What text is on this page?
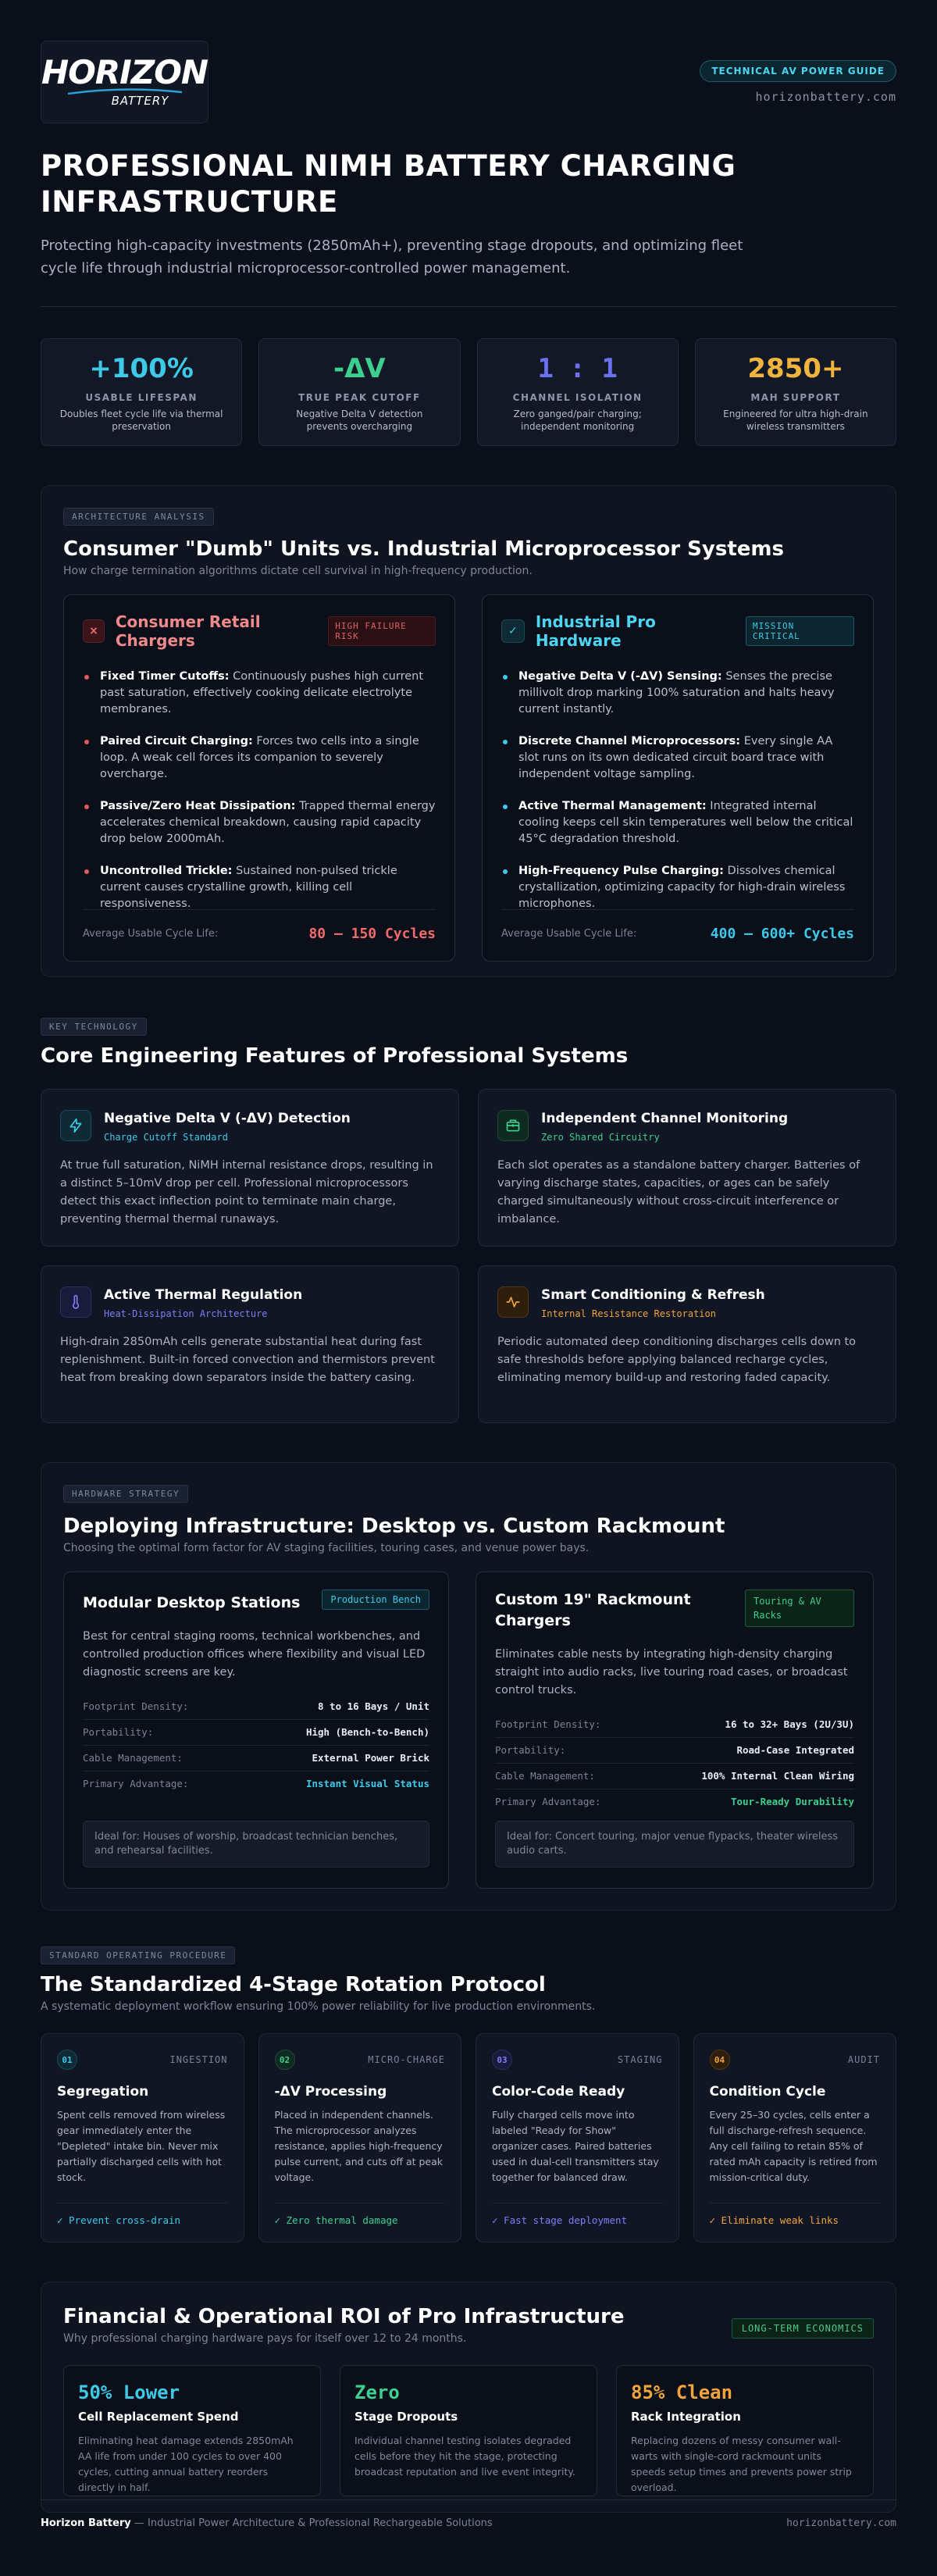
HORIZON
BATTERY
TECHNICAL AV POWER GUIDE
horizonbattery.com
PROFESSIONAL NIMH BATTERY CHARGING INFRASTRUCTURE

Protecting high-capacity investments (2850mAh+), preventing stage dropouts, and optimizing fleet cycle life through industrial microprocessor-controlled power management.

+100%
USABLE LIFESPAN
Doubles fleet cycle life via thermal preservation
-ΔV
TRUE PEAK CUTOFF
Negative Delta V detection prevents overcharging
1 : 1
CHANNEL ISOLATION
Zero ganged/pair charging; independent monitoring
2850+
MAH SUPPORT
Engineered for ultra high-drain wireless transmitters
ARCHITECTURE ANALYSIS
Consumer "Dumb" Units vs. Industrial Microprocessor Systems
How charge termination algorithms dictate cell survival in high-frequency production.
×	Consumer Retail Chargers
HIGH FAILURE RISK
Fixed Timer Cutoffs: Continuously pushes high current past saturation, effectively cooking delicate electrolyte membranes.
Paired Circuit Charging: Forces two cells into a single loop. A weak cell forces its companion to severely overcharge.
Passive/Zero Heat Dissipation: Trapped thermal energy accelerates chemical breakdown, causing rapid capacity drop below 2000mAh.
Uncontrolled Trickle: Sustained non-pulsed trickle current causes crystalline growth, killing cell responsiveness.
Average Usable Cycle Life:	80 – 150 Cycles
✓	Industrial Pro Hardware
MISSION CRITICAL
Negative Delta V (-ΔV) Sensing: Senses the precise millivolt drop marking 100% saturation and halts heavy current instantly.
Discrete Channel Microprocessors: Every single AA slot runs on its own dedicated circuit board trace with independent voltage sampling.
Active Thermal Management: Integrated internal cooling keeps cell skin temperatures well below the critical 45°C degradation threshold.
High-Frequency Pulse Charging: Dissolves chemical crystallization, optimizing capacity for high-drain wireless microphones.
Average Usable Cycle Life:	400 – 600+ Cycles
KEY TECHNOLOGY
Core Engineering Features of Professional Systems
Negative Delta V (-ΔV) Detection
Charge Cutoff Standard
At true full saturation, NiMH internal resistance drops, resulting in a distinct 5–10mV drop per cell. Professional microprocessors detect this exact inflection point to terminate main charge, preventing thermal thermal runaways.
Independent Channel Monitoring
Zero Shared Circuitry
Each slot operates as a standalone battery charger. Batteries of varying discharge states, capacities, or ages can be safely charged simultaneously without cross-circuit interference or imbalance.
Active Thermal Regulation
Heat-Dissipation Architecture
High-drain 2850mAh cells generate substantial heat during fast replenishment. Built-in forced convection and thermistors prevent heat from breaking down separators inside the battery casing.
Smart Conditioning & Refresh
Internal Resistance Restoration
Periodic automated deep conditioning discharges cells down to safe thresholds before applying balanced recharge cycles, eliminating memory build-up and restoring faded capacity.
HARDWARE STRATEGY
Deploying Infrastructure: Desktop vs. Custom Rackmount
Choosing the optimal form factor for AV staging facilities, touring cases, and venue power bays.
Modular Desktop Stations	Production Bench
Best for central staging rooms, technical workbenches, and controlled production offices where flexibility and visual LED diagnostic screens are key.
Footprint Density:	8 to 16 Bays / Unit
Portability:	High (Bench-to-Bench)
Cable Management:	External Power Brick
Primary Advantage:	Instant Visual Status
Ideal for: Houses of worship, broadcast technician benches, and rehearsal facilities.
Custom 19" Rackmount Chargers
Touring & AV Racks
Eliminates cable nests by integrating high-density charging straight into audio racks, live touring road cases, or broadcast control trucks.
Footprint Density:	16 to 32+ Bays (2U/3U)
Portability:	Road-Case Integrated
Cable Management:	100% Internal Clean Wiring
Primary Advantage:	Tour-Ready Durability
Ideal for: Concert touring, major venue flypacks, theater wireless audio carts.
STANDARD OPERATING PROCEDURE
The Standardized 4-Stage Rotation Protocol
A systematic deployment workflow ensuring 100% power reliability for live production environments.
01	INGESTION
Segregation
Spent cells removed from wireless gear immediately enter the "Depleted" intake bin. Never mix partially discharged cells with hot stock.
✓ Prevent cross-drain
02	MICRO-CHARGE
-ΔV Processing
Placed in independent channels. The microprocessor analyzes resistance, applies high-frequency pulse current, and cuts off at peak voltage.
✓ Zero thermal damage
03	STAGING
Color-Code Ready
Fully charged cells move into labeled "Ready for Show" organizer cases. Paired batteries used in dual-cell transmitters stay together for balanced draw.
✓ Fast stage deployment
04	AUDIT
Condition Cycle
Every 25–30 cycles, cells enter a full discharge-refresh sequence. Any cell failing to retain 85% of rated mAh capacity is retired from mission-critical duty.
✓ Eliminate weak links
Financial & Operational ROI of Pro Infrastructure
Why professional charging hardware pays for itself over 12 to 24 months.
LONG-TERM ECONOMICS
50% Lower
Cell Replacement Spend
Eliminating heat damage extends 2850mAh AA life from under 100 cycles to over 400 cycles, cutting annual battery reorders directly in half.
Zero
Stage Dropouts
Individual channel testing isolates degraded cells before they hit the stage, protecting broadcast reputation and live event integrity.
85% Clean
Rack Integration
Replacing dozens of messy consumer wall-warts with single-cord rackmount units speeds setup times and prevents power strip overload.
Horizon Battery — Industrial Power Architecture & Professional Rechargeable Solutions	horizonbattery.com
